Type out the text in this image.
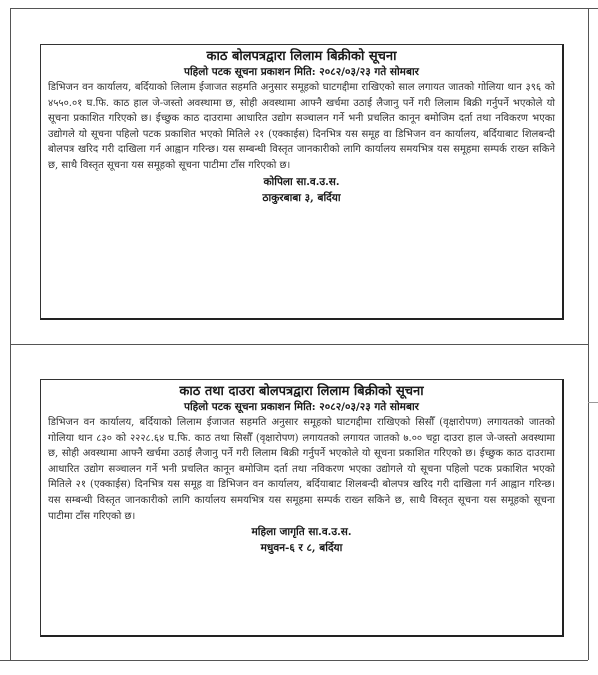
काठ बोलपत्रद्वारा लिलाम बिक्रीको सूचना

पहिलो पटक सूचना प्रकाशन मिति: २०८२/०३/२३ गते सोमबार

डिभिजन वन कार्यालय, बर्दियाको लिलाम ईजाजत सहमति अनुसार समूहको घाटगद्दीमा राखिएको साल लगायत जातको गोलिया थान ३९६ को ४५५०.०१ घ.फि. काठ हाल जे-जस्तो अवस्थामा छ, सोही अवस्थामा आफ्नै खर्चमा उठाई लैजानु पर्ने गरी लिलाम बिक्री गर्नुपर्ने भएकोले यो सूचना प्रकाशित गरिएको छ। ईच्छुक काठ दाउरामा आधारित उद्योग सञ्चालन गर्ने भनी प्रचलित कानून बमोजिम दर्ता तथा नविकरण भएका उद्योगले यो सूचना पहिलो पटक प्रकाशित भएको मितिले २१ (एक्काईस) दिनभित्र यस समूह वा डिभिजन वन कार्यालय, बर्दियाबाट शिलबन्दी बोलपत्र खरिद गरी दाखिला गर्न आह्वान गरिन्छ। यस सम्बन्धी विस्तृत जानकारीको लागि कार्यालय समयभित्र यस समूहमा सम्पर्क राख्न सकिने छ, साथै विस्तृत सूचना यस समूहको सूचना पाटीमा टाँस गरिएको छ।

कोपिला सा.व.उ.स.

ठाकुरबाबा ३, बर्दिया

काठ तथा दाउरा बोलपत्रद्वारा लिलाम बिक्रीको सूचना

पहिलो पटक सूचना प्रकाशन मिति: २०८२/०३/२३ गते सोमबार

डिभिजन वन कार्यालय, बर्दियाको लिलाम ईजाजत सहमति अनुसार समूहको घाटगद्दीमा राखिएको सिसौँ (वृक्षारोपण) लगायतको जातको गोलिया थान ८३० को २२२८.६४ घ.फि. काठ तथा सिसौँ (वृक्षारोपण) लगायतको लगायत जातको ७.०० चट्टा दाउरा हाल जे-जस्तो अवस्थामा छ, सोही अवस्थामा आफ्नै खर्चमा उठाई लैजानु पर्ने गरी लिलाम बिक्री गर्नुपर्ने भएकोले यो सूचना प्रकाशित गरिएको छ। ईच्छुक काठ दाउरामा आधारित उद्योग सञ्चालन गर्ने भनी प्रचलित कानून बमोजिम दर्ता तथा नविकरण भएका उद्योगले यो सूचना पहिलो पटक प्रकाशित भएको मितिले २१ (एक्काईस) दिनभित्र यस समूह वा डिभिजन वन कार्यालय, बर्दियाबाट शिलबन्दी बोलपत्र खरिद गरी दाखिला गर्न आह्वान गरिन्छ। यस सम्बन्धी विस्तृत जानकारीको लागि कार्यालय समयभित्र यस समूहमा सम्पर्क राख्न सकिने छ, साथै विस्तृत सूचना यस समूहको सूचना पाटीमा टाँस गरिएको छ।

महिला जागृति सा.व.उ.स.

मधुवन-६ र ८, बर्दिया
